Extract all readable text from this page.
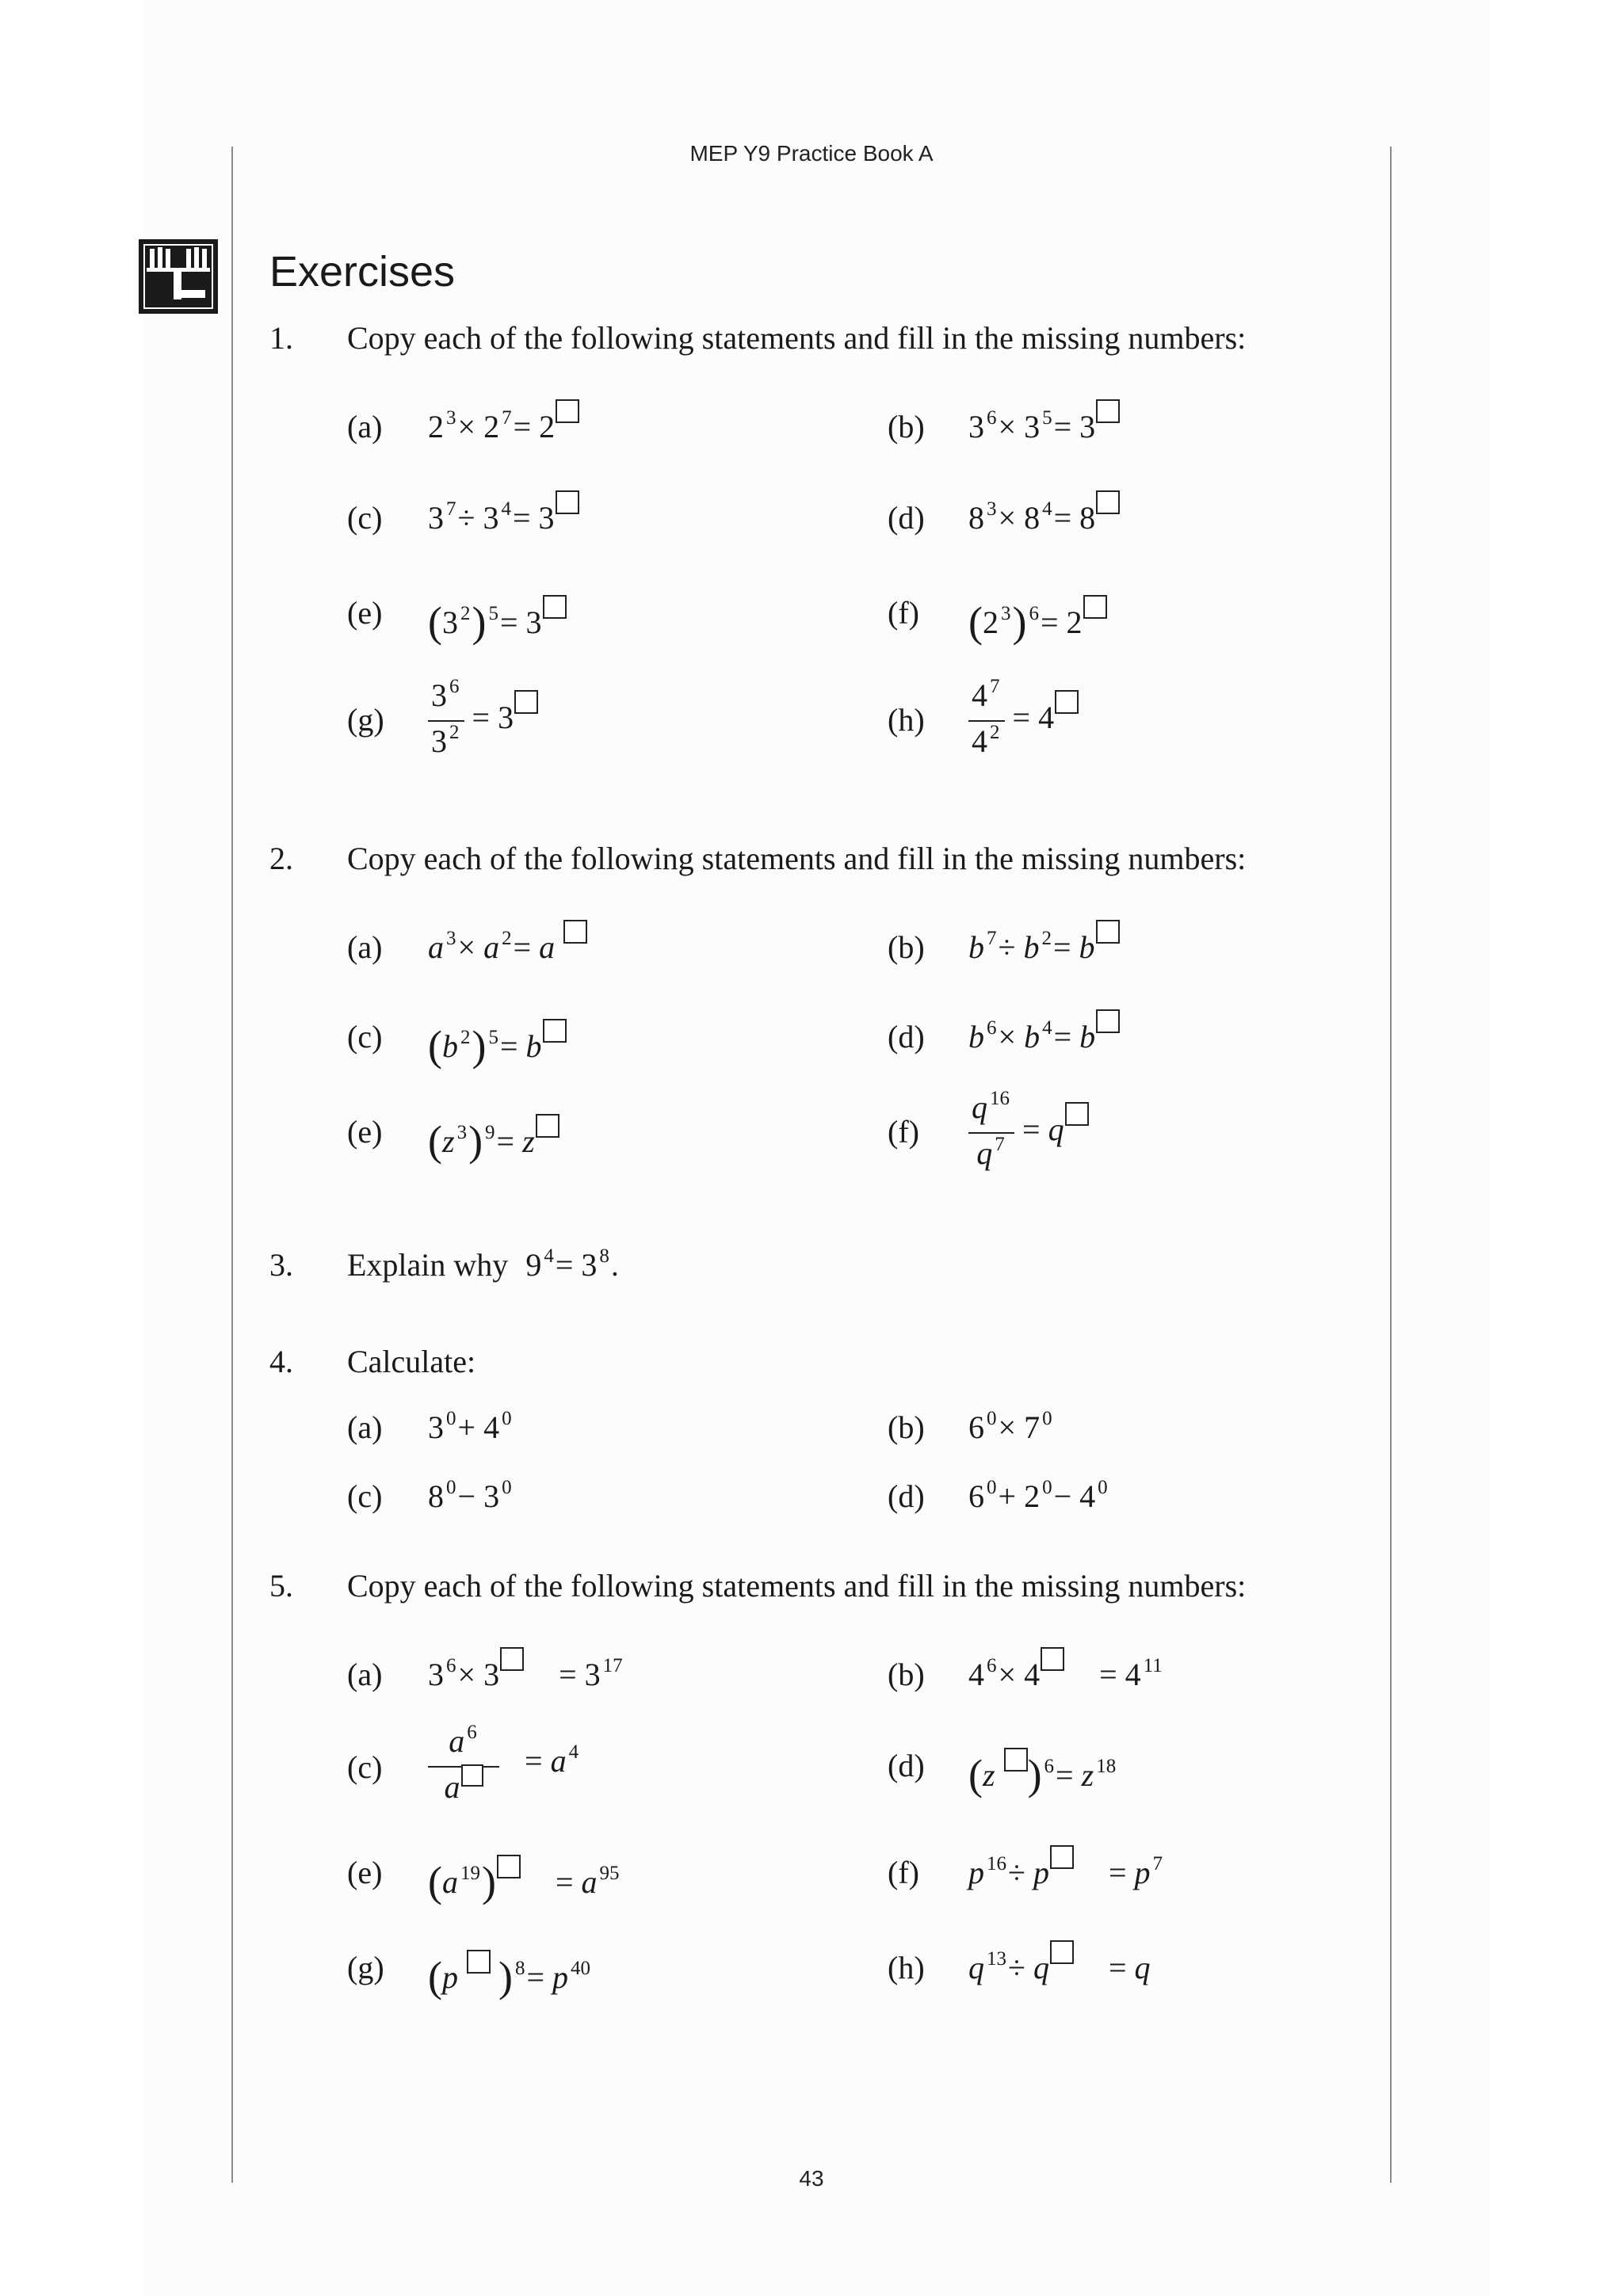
MEP Y9 Practice Book A
Exercises
1. Copy each of the following statements and fill in the missing numbers:
(a) 2 $^3$× 2 $^7$= 2	(b) 3 $^6$× 3 $^5$= 3
(c) 3 $^7$÷ 3 $^4$= 3	(d) 8 $^3$× 8 $^4$= 8
(e) (3 $^2$) $^5$= 3	(f) (2 $^3$) $^6$= 2
$(g) \frac{3 ^6}{3 ^2} = 3$	$(h) \frac{4 ^7}{4 ^2} = 4$
2. Copy each of the following statements and fill in the missing numbers:
(a) a $^3$× a $^2$= a	(b) b $^7$÷ b $^2$= b
(c) (b $^2$) $^5$= b	(d) b $^6$× b $^4$= b
(e) (z $^3$) $^9$= z	$(f) \frac{q ^{16}}{q ^7} = q$
3. Explain why 9 $^4$= 3 $^8$.
4. Calculate:
(a) 3 $^0$+ 4 $^0$	(b) 6 $^0$× 7 $^0$
(c) 8 $^0$− 3 $^0$	(d) 6 $^0$+ 2 $^0$− 4 $^0$
5. Copy each of the following statements and fill in the missing numbers:
(a) 3 $^6$× 3 = 3 $^{17}$	(b) 4 $^6$× 4 = 4 $^{11}$
$(c) \frac{a ^6}{a} = a$ $^4$	(d) (z ) $^6$= z $^{18}$
(e) (a $^{19}$) = a $^{95}$	(f) p $^{16}$÷ p = p $^7$
(g) (p ) $^8$= p $^{40}$	(h) q $^{13}$÷ q = q
43
